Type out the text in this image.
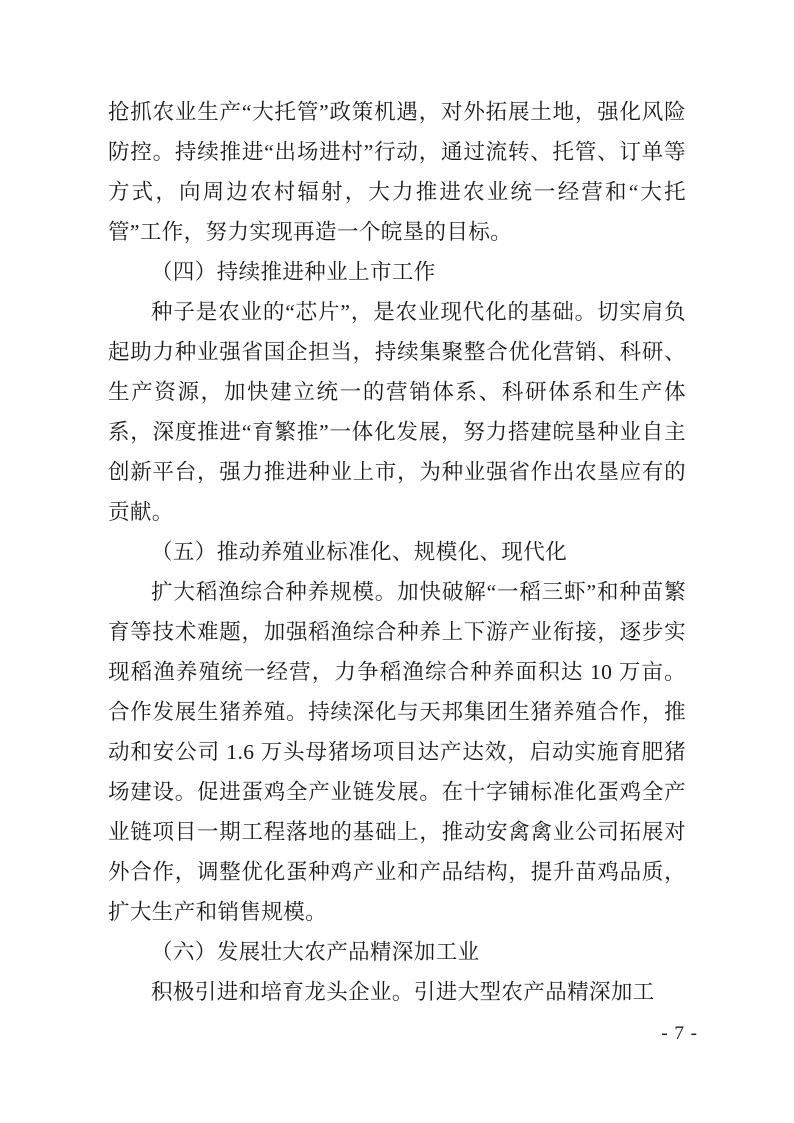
抢抓农业生产“大托管”政策机遇，对外拓展土地，强化风险防控。持续推进“出场进村”行动，通过流转、托管、订单等方式，向周边农村辐射，大力推进农业统一经营和“大托管”工作，努力实现再造一个皖垦的目标。

（四）持续推进种业上市工作

种子是农业的“芯片”，是农业现代化的基础。切实肩负起助力种业强省国企担当，持续集聚整合优化营销、科研、生产资源，加快建立统一的营销体系、科研体系和生产体系，深度推进“育繁推”一体化发展，努力搭建皖垦种业自主创新平台，强力推进种业上市，为种业强省作出农垦应有的贡献。

（五）推动养殖业标准化、规模化、现代化

扩大稻渔综合种养规模。加快破解“一稻三虾”和种苗繁育等技术难题，加强稻渔综合种养上下游产业衔接，逐步实现稻渔养殖统一经营，力争稻渔综合种养面积达 10 万亩。合作发展生猪养殖。持续深化与天邦集团生猪养殖合作，推动和安公司 1.6 万头母猪场项目达产达效，启动实施育肥猪场建设。促进蛋鸡全产业链发展。在十字铺标准化蛋鸡全产业链项目一期工程落地的基础上，推动安禽禽业公司拓展对外合作，调整优化蛋种鸡产业和产品结构，提升苗鸡品质，扩大生产和销售规模。

（六）发展壮大农产品精深加工业

积极引进和培育龙头企业。引进大型农产品精深加工

- 7 -
